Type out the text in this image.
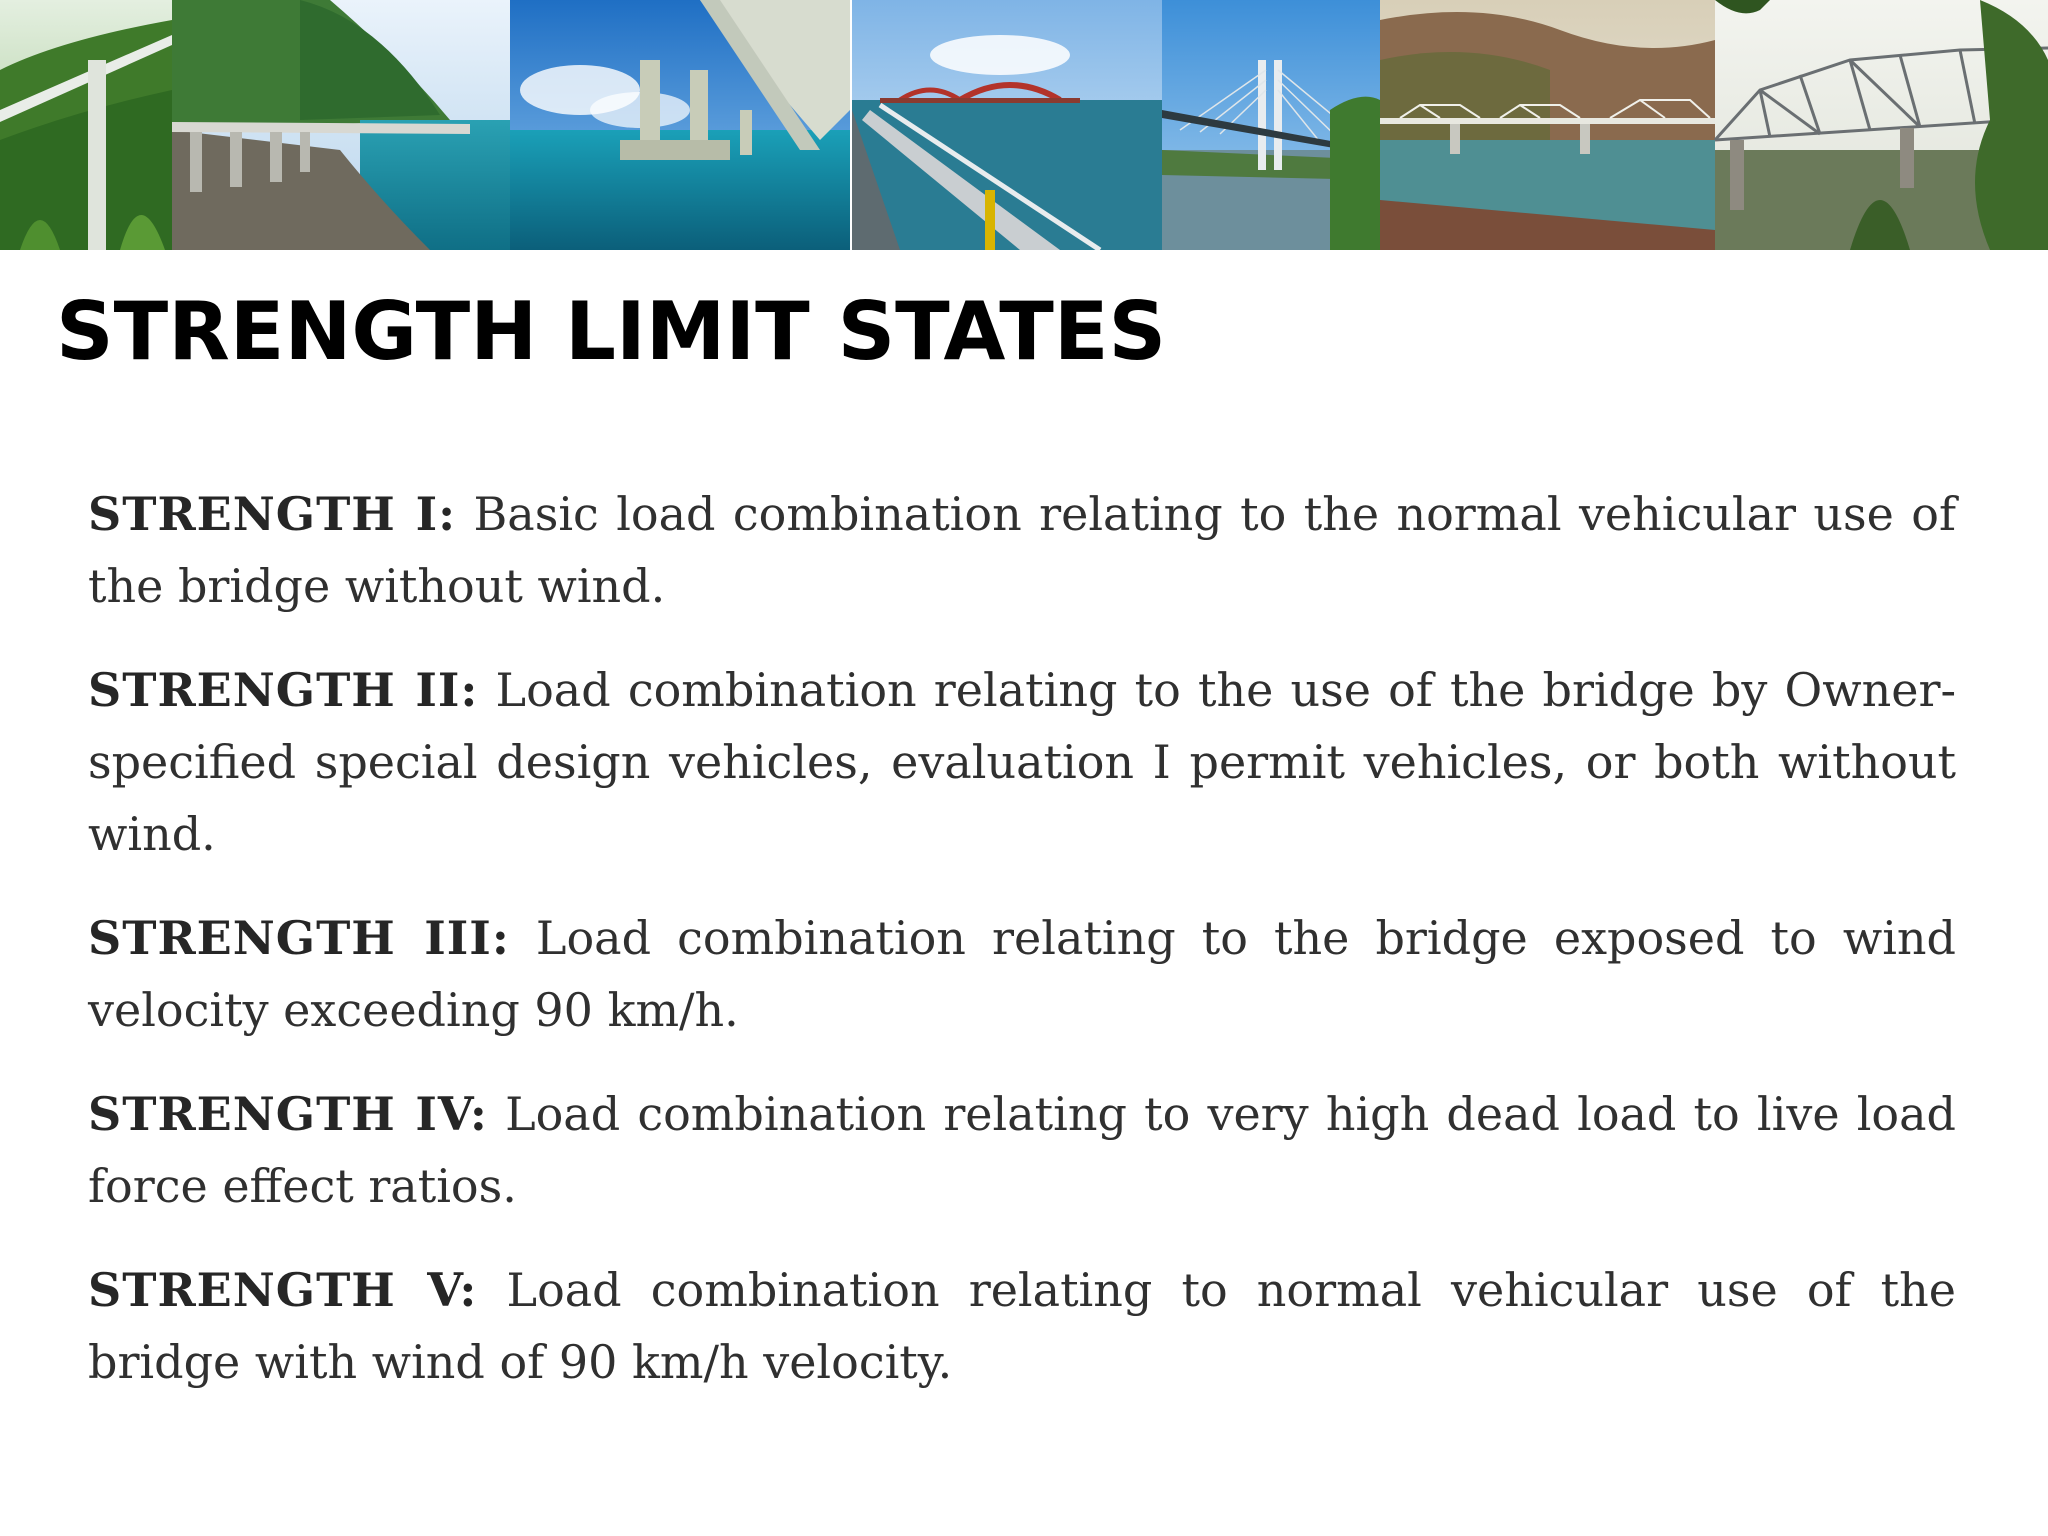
STRENGTH LIMIT STATES

STRENGTH I: Basic load combination relating to the normal vehicular use of the bridge without wind.

STRENGTH II: Load combination relating to the use of the bridge by Owner-specified special design vehicles, evaluation I permit vehicles, or both without wind.

STRENGTH III: Load combination relating to the bridge exposed to wind velocity exceeding 90 km/h.

STRENGTH IV: Load combination relating to very high dead load to live load force effect ratios.

STRENGTH V: Load combination relating to normal vehicular use of the bridge with wind of 90 km/h velocity.
